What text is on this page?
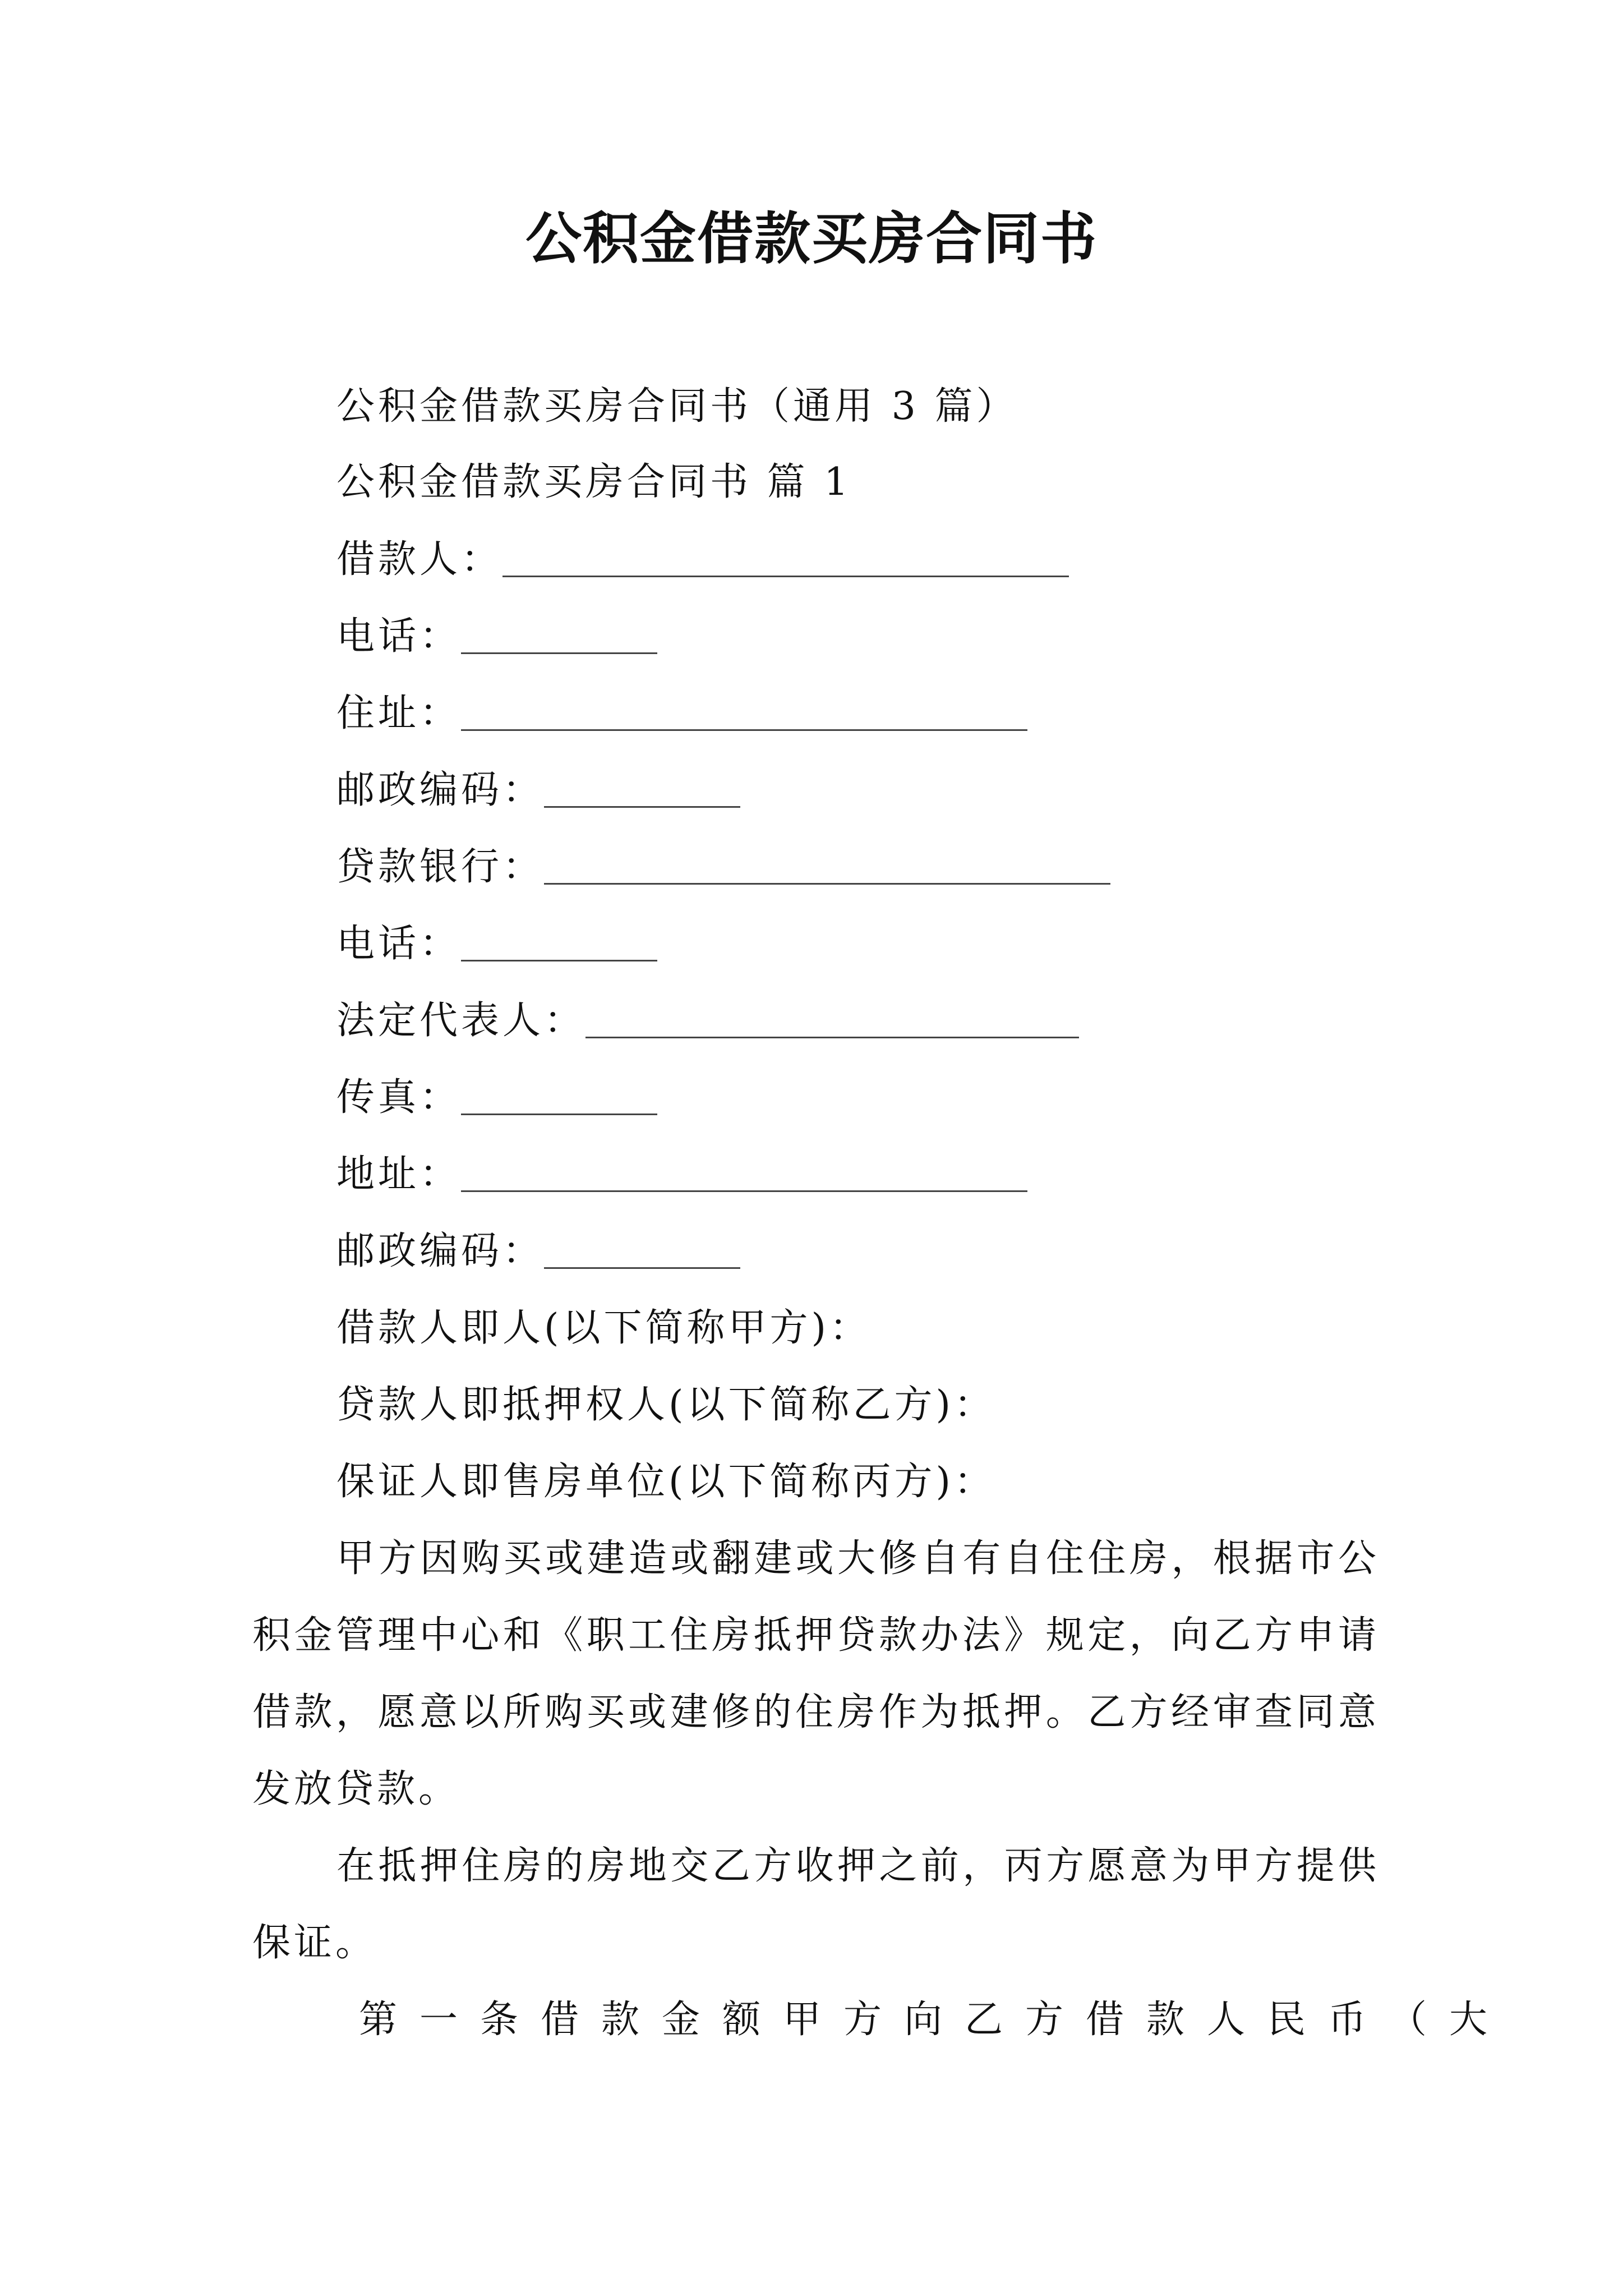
公积金借款买房合同书

公积金借款买房合同书（通用 3 篇）

公积金借款买房合同书 篇 1

借款人：
电话：
住址：
邮政编码：
贷款银行：
电话：
法定代表人：
传真：
地址：
邮政编码：

借款人即人(以下简称甲方)：

贷款人即抵押权人(以下简称乙方)：

保证人即售房单位(以下简称丙方)：

甲方因购买或建造或翻建或大修自有自住住房，根据市公积金管理中心和《职工住房抵押贷款办法》规定，向乙方申请借款，愿意以所购买或建修的住房作为抵押。乙方经审查同意发放贷款。

在抵押住房的房地交乙方收押之前，丙方愿意为甲方提供保证。

第一条借款金额甲方向乙方借款人民币（大
